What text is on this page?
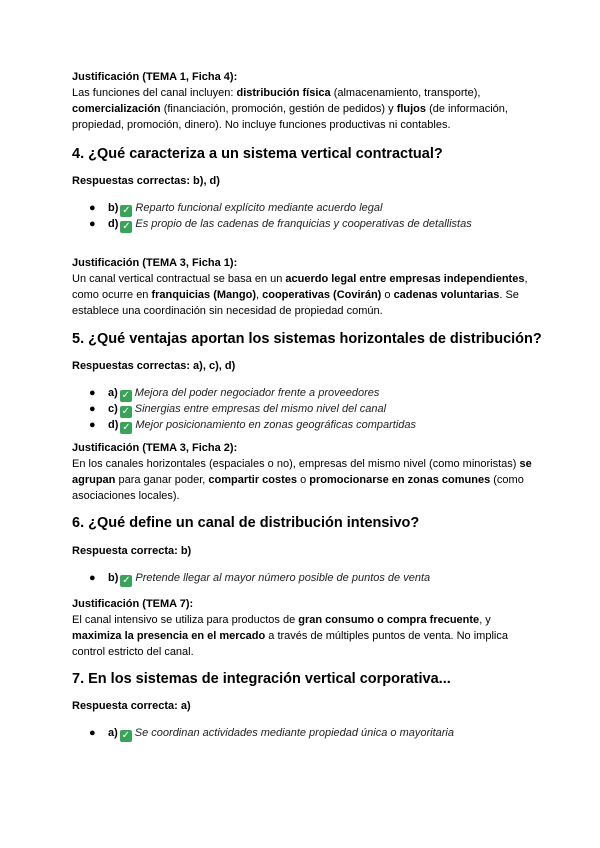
Justificación (TEMA 1, Ficha 4):
Las funciones del canal incluyen: distribución física (almacenamiento, transporte), comercialización (financiación, promoción, gestión de pedidos) y flujos (de información, propiedad, promoción, dinero). No incluye funciones productivas ni contables.
4. ¿Qué caracteriza a un sistema vertical contractual?
Respuestas correctas: b), d)
● b) ✓ Reparto funcional explícito mediante acuerdo legal
● d) ✓ Es propio de las cadenas de franquicias y cooperativas de detallistas
Justificación (TEMA 3, Ficha 1):
Un canal vertical contractual se basa en un acuerdo legal entre empresas independientes, como ocurre en franquicias (Mango), cooperativas (Covirán) o cadenas voluntarias. Se establece una coordinación sin necesidad de propiedad común.
5. ¿Qué ventajas aportan los sistemas horizontales de distribución?
Respuestas correctas: a), c), d)
● a) ✓ Mejora del poder negociador frente a proveedores
● c) ✓ Sinergias entre empresas del mismo nivel del canal
● d) ✓ Mejor posicionamiento en zonas geográficas compartidas
Justificación (TEMA 3, Ficha 2):
En los canales horizontales (espaciales o no), empresas del mismo nivel (como minoristas) se agrupan para ganar poder, compartir costes o promocionarse en zonas comunes (como asociaciones locales).
6. ¿Qué define un canal de distribución intensivo?
Respuesta correcta: b)
● b) ✓ Pretende llegar al mayor número posible de puntos de venta
Justificación (TEMA 7):
El canal intensivo se utiliza para productos de gran consumo o compra frecuente, y maximiza la presencia en el mercado a través de múltiples puntos de venta. No implica control estricto del canal.
7. En los sistemas de integración vertical corporativa...
Respuesta correcta: a)
● a) ✓ Se coordinan actividades mediante propiedad única o mayoritaria
